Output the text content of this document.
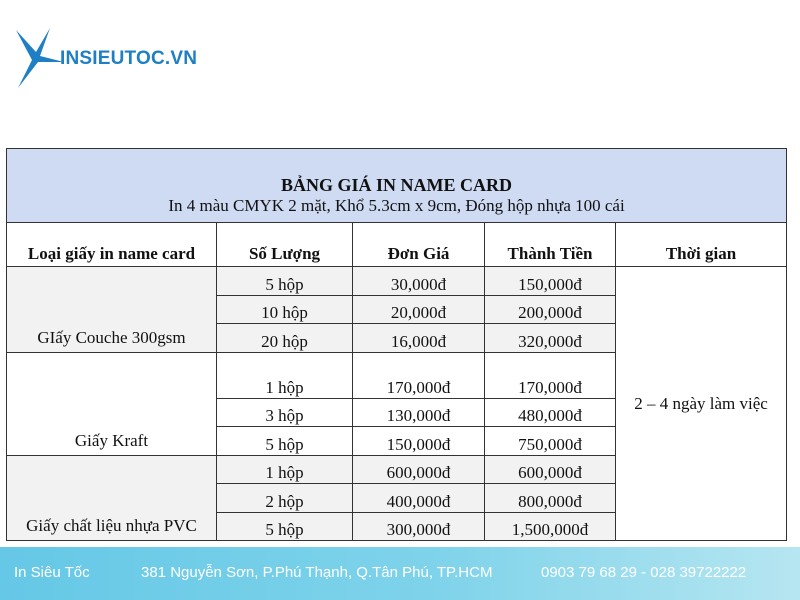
INSIEUTOC.VN
BẢNG GIÁ IN NAME CARD
In 4 màu CMYK 2 mặt, Khổ 5.3cm x 9cm, Đóng hộp nhựa 100 cái				

Loại giấy in name card	Số Lượng	Đơn Giá	Thành Tiền	Thời gian
GIấy Couche 300gsm	5 hộp	30,000đ	150,000đ	2 – 4 ngày làm việc
	10 hộp	20,000đ	200,000đ	
	20 hộp	16,000đ	320,000đ	
Giấy Kraft	1 hộp	170,000đ	170,000đ	
	3 hộp	130,000đ	480,000đ	
	5 hộp	150,000đ	750,000đ	
Giấy chất liệu nhựa PVC	1 hộp	600,000đ	600,000đ	
	2 hộp	400,000đ	800,000đ	
	5 hộp	300,000đ	1,500,000đ	
In Siêu Tốc	381 Nguyễn Sơn, P.Phú Thạnh, Q.Tân Phú, TP.HCM	0903 79 68 29 - 028 39722222
